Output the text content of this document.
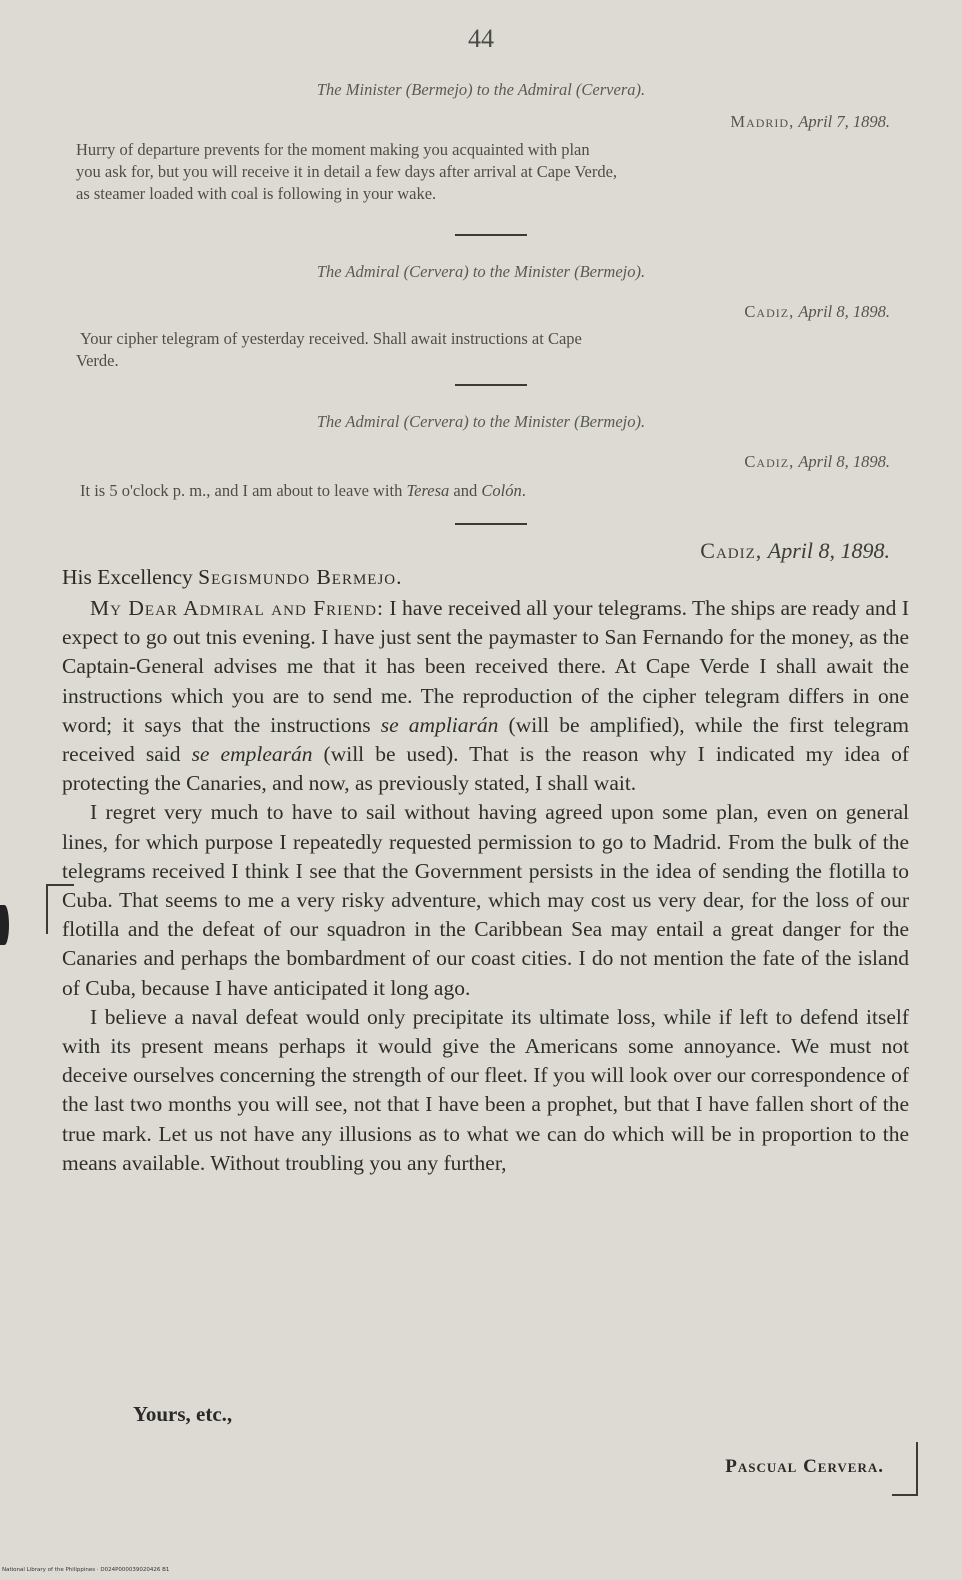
44
The Minister (Bermejo) to the Admiral (Cervera).
Madrid, April 7, 1898.

Hurry of departure prevents for the moment making you acquainted with plan

you ask for, but you will receive it in detail a few days after arrival at Cape Verde,

as steamer loaded with coal is following in your wake.

The Admiral (Cervera) to the Minister (Bermejo).
Cadiz, April 8, 1898.

Your cipher telegram of yesterday received. Shall await instructions at Cape

Verde.

The Admiral (Cervera) to the Minister (Bermejo).
Cadiz, April 8, 1898.

It is 5 o'clock p. m., and I am about to leave with Teresa and Colón.

Cadiz, April 8, 1898.
His Excellency Segismundo Bermejo.

My Dear Admiral and Friend: I have received all your telegrams. The ships are ready and I expect to go out tnis evening. I have just sent the paymaster to San Fernando for the money, as the Captain-General advises me that it has been received there. At Cape Verde I shall await the instructions which you are to send me. The reproduction of the cipher telegram differs in one word; it says that the instructions se ampliarán (will be amplified), while the first telegram received said se emplearán (will be used). That is the reason why I indicated my idea of protecting the Canaries, and now, as previously stated, I shall wait.

I regret very much to have to sail without having agreed upon some plan, even on general lines, for which purpose I repeatedly requested permission to go to Madrid. From the bulk of the telegrams received I think I see that the Government persists in the idea of sending the flotilla to Cuba. That seems to me a very risky adventure, which may cost us very dear, for the loss of our flotilla and the defeat of our squadron in the Caribbean Sea may entail a great danger for the Canaries and perhaps the bombardment of our coast cities. I do not mention the fate of the island of Cuba, because I have anticipated it long ago.

I believe a naval defeat would only precipitate its ultimate loss, while if left to defend itself with its present means perhaps it would give the Americans some annoyance. We must not deceive ourselves concerning the strength of our fleet. If you will look over our correspondence of the last two months you will see, not that I have been a prophet, but that I have fallen short of the true mark. Let us not have any illusions as to what we can do which will be in proportion to the means available. Without troubling you any further,

Yours, etc.,
Pascual Cervera.
National Library of the Philippines · D024P000039020426 B1
